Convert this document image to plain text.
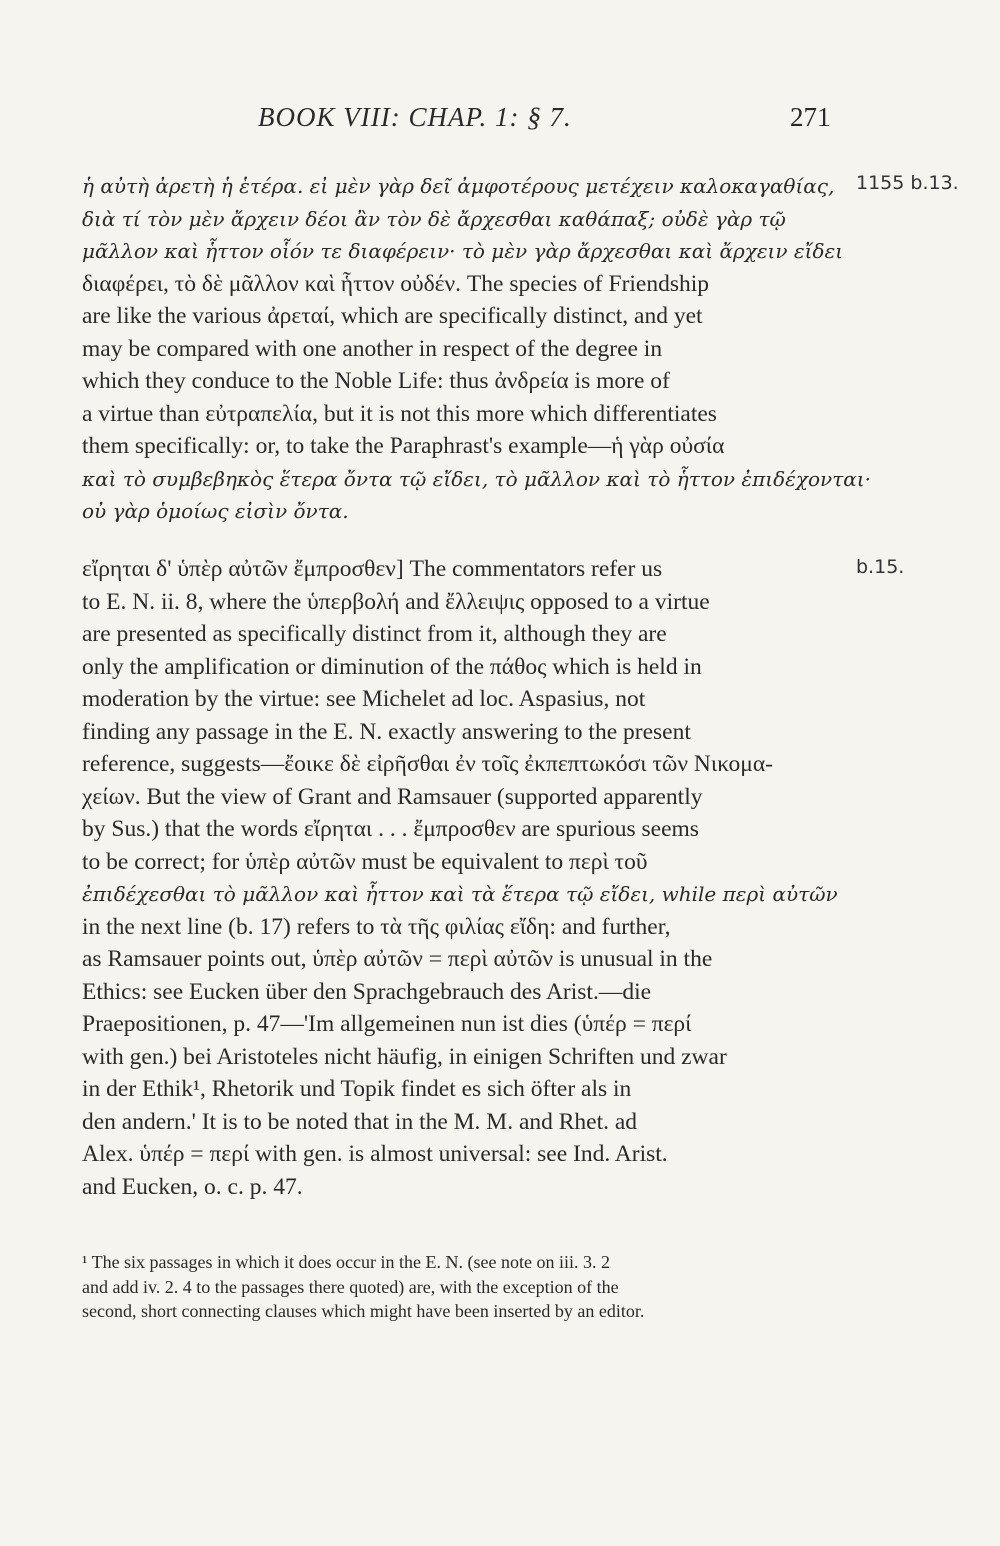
BOOK VIII: CHAP. 1: § 7.	271
ἡ αὐτὴ ἀρετὴ ἡ ἑτέρα. εἰ μὲν γὰρ δεῖ ἀμφοτέρους μετέχειν καλοκαγαθίας,
διὰ τί τὸν μὲν ἄρχειν δέοι ἂν τὸν δὲ ἄρχεσθαι καθάπαξ; οὐδὲ γὰρ τῷ
μᾶλλον καὶ ἧττον οἷόν τε διαφέρειν· τὸ μὲν γὰρ ἄρχεσθαι καὶ ἄρχειν εἴδει
διαφέρει, τὸ δὲ μᾶλλον καὶ ἧττον οὐδέν. The species of Friendship
are like the various ἀρεταί, which are specifically distinct, and yet
may be compared with one another in respect of the degree in
which they conduce to the Noble Life: thus ἀνδρεία is more of
a virtue than εὐτραπελία, but it is not this more which differentiates
them specifically: or, to take the Paraphrast's example—ἡ γὰρ οὐσία
καὶ τὸ συμβεβηκὸς ἕτερα ὄντα τῷ εἴδει, τὸ μᾶλλον καὶ τὸ ἧττον ἐπιδέχονται·
οὐ γὰρ ὁμοίως εἰσὶν ὄντα.
1155 b.13.
εἴρηται δ' ὑπὲρ αὐτῶν ἔμπροσθεν] The commentators refer us
to E. N. ii. 8, where the ὑπερβολή and ἔλλειψις opposed to a virtue
are presented as specifically distinct from it, although they are
only the amplification or diminution of the πάθος which is held in
moderation by the virtue: see Michelet ad loc. Aspasius, not
finding any passage in the E. N. exactly answering to the present
reference, suggests—ἔοικε δὲ εἰρῆσθαι ἐν τοῖς ἐκπεπτωκόσι τῶν Νικομα-
χείων. But the view of Grant and Ramsauer (supported apparently
by Sus.) that the words εἴρηται . . . ἔμπροσθεν are spurious seems
to be correct; for ὑπὲρ αὐτῶν must be equivalent to περὶ τοῦ
ἐπιδέχεσθαι τὸ μᾶλλον καὶ ἧττον καὶ τὰ ἕτερα τῷ εἴδει, while περὶ αὐτῶν
in the next line (b. 17) refers to τὰ τῆς φιλίας εἴδη: and further,
as Ramsauer points out, ὑπὲρ αὐτῶν = περὶ αὐτῶν is unusual in the
Ethics: see Eucken über den Sprachgebrauch des Arist.—die
Praepositionen, p. 47—'Im allgemeinen nun ist dies (ὑπέρ = περί
with gen.) bei Aristoteles nicht häufig, in einigen Schriften und zwar
in der Ethik¹, Rhetorik und Topik findet es sich öfter als in
den andern.' It is to be noted that in the M. M. and Rhet. ad
Alex. ὑπέρ = περί with gen. is almost universal: see Ind. Arist.
and Eucken, o. c. p. 47.
b.15.
¹ The six passages in which it does occur in the E. N. (see note on iii. 3. 2
and add iv. 2. 4 to the passages there quoted) are, with the exception of the
second, short connecting clauses which might have been inserted by an editor.
